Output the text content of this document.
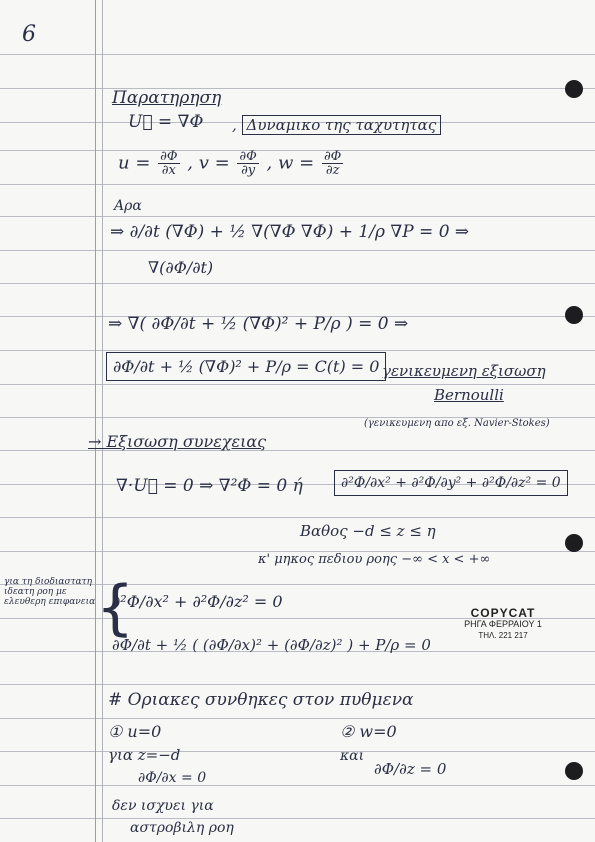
6
Παρατηρηση
U⃗ = ∇Φ , Δυναμικο της ταχυτητας
$u = \frac{\partial\Phi}{\partial x}$ , $v = \frac{\partial\Phi}{\partial y}$ , $w = \frac{\partial\Phi}{\partial z}$
Αρα
⇒ ∂/∂t (∇Φ) + ½ ∇(∇Φ ∇Φ) + 1/ρ ∇P = 0 ⇒
∇(∂Φ/∂t)
⇒ ∇( ∂Φ/∂t + ½ (∇Φ)² + P/ρ ) = 0 ⇒
∂Φ/∂t + ½ (∇Φ)² + P/ρ = C(t) = 0 γενικευμενη εξισωση
Bernoulli
(γενικευμενη απο εξ. Navier-Stokes)
→ Εξισωση συνεχειας
∇·U⃗ = 0 ⇒ ∇²Φ = 0 ή	∂²Φ/∂x² + ∂²Φ/∂y² + ∂²Φ/∂z² = 0
Βαθος −d ≤ z ≤ η
κ' μηκος πεδιου ροης −∞ < x < +∞
για τη διοδιαστατη ιδεατη ροη με ελευθερη επιφανεια {
∂²Φ/∂x² + ∂²Φ/∂z² = 0
∂Φ/∂t + ½ ( (∂Φ/∂x)² + (∂Φ/∂z)² ) + P/ρ = 0
COPYCAT
ΡΗΓΑ ΦΕΡΡΑΙΟΥ 1
ΤΗΛ. 221 217
# Οριακες συνθηκες στον πυθμενα
① u=0	② w=0
για z=−d
∂Φ/∂x = 0
και
∂Φ/∂z = 0
δεν ισχυει για
αστροβιλη ροη
